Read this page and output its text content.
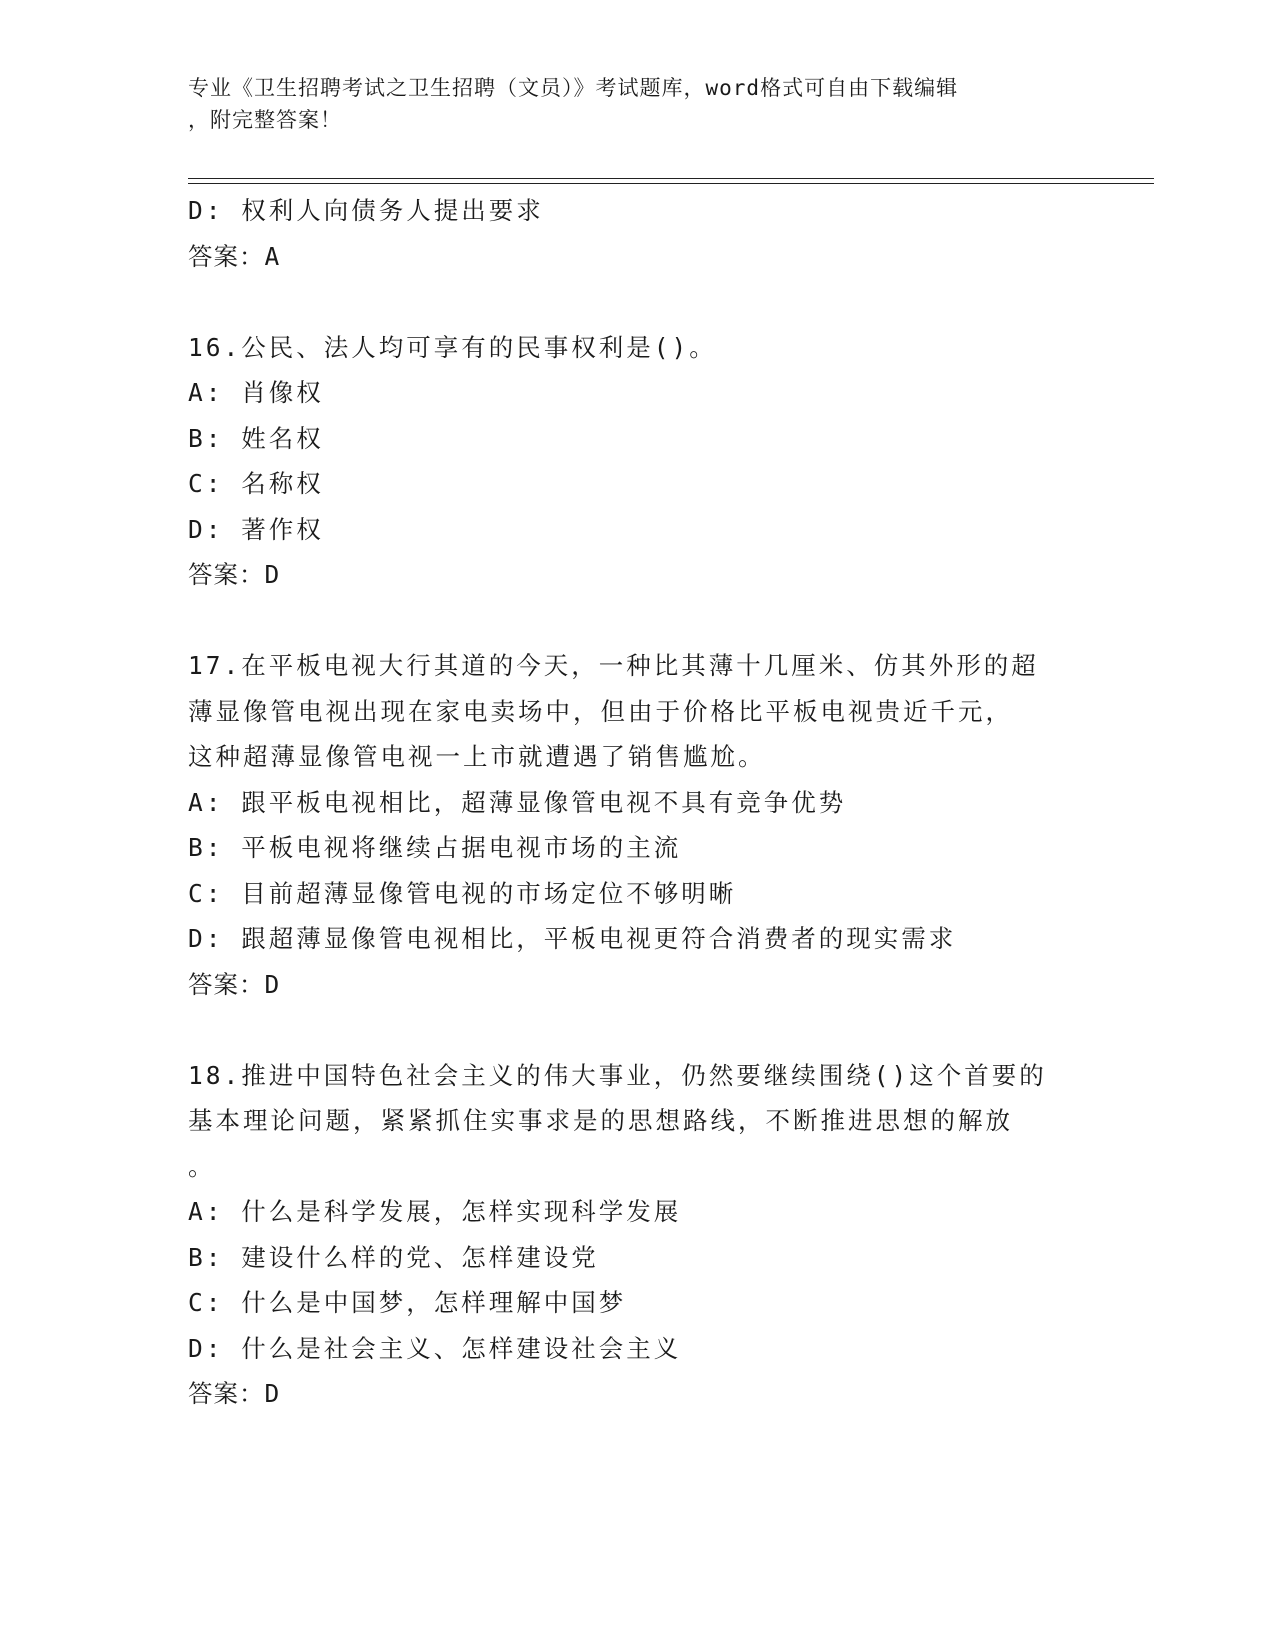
专业《卫生招聘考试之卫生招聘（文员）》考试题库，word格式可自由下载编辑
，附完整答案！
D: 权利人向债务人提出要求
答案：A
16.公民、法人均可享有的民事权利是()。
A: 肖像权
B: 姓名权
C: 名称权
D: 著作权
答案：D
17.在平板电视大行其道的今天，一种比其薄十几厘米、仿其外形的超
薄显像管电视出现在家电卖场中，但由于价格比平板电视贵近千元，
这种超薄显像管电视一上市就遭遇了销售尴尬。
A: 跟平板电视相比，超薄显像管电视不具有竞争优势
B: 平板电视将继续占据电视市场的主流
C: 目前超薄显像管电视的市场定位不够明晰
D: 跟超薄显像管电视相比，平板电视更符合消费者的现实需求
答案：D
18.推进中国特色社会主义的伟大事业，仍然要继续围绕()这个首要的
基本理论问题，紧紧抓住实事求是的思想路线，不断推进思想的解放
。
A: 什么是科学发展，怎样实现科学发展
B: 建设什么样的党、怎样建设党
C: 什么是中国梦，怎样理解中国梦
D: 什么是社会主义、怎样建设社会主义
答案：D
